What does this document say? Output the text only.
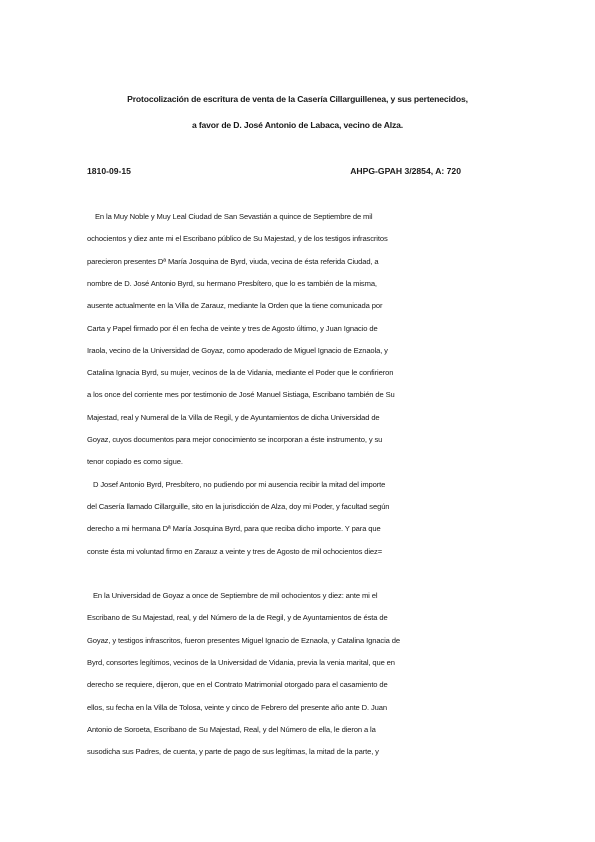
Protocolización de escritura de venta de la Casería Cillarguillenea, y sus pertenecidos,
a favor de D. José Antonio de Labaca, vecino de Alza.
1810-09-15	AHPG-GPAH 3/2854, A: 720
En la Muy Noble y Muy Leal Ciudad de San Sevastián a quince de Septiembre de mil
ochocientos y diez ante mi el Escribano público de Su Majestad, y de los testigos infrascritos
parecieron presentes Dª María Josquina de Byrd, viuda, vecina de ésta referida Ciudad, a
nombre de D. José Antonio Byrd, su hermano Presbítero, que lo es también de la misma,
ausente actualmente en la Villa de Zarauz, mediante la Orden que la tiene comunicada por
Carta y Papel firmado por él en fecha de veinte y tres de Agosto último, y Juan Ignacio de
Iraola, vecino de la Universidad de Goyaz, como apoderado de Miguel Ignacio de Eznaola, y
Catalina Ignacia Byrd, su mujer, vecinos de la de Vidania, mediante el Poder que le confirieron
a los once del corriente mes por testimonio de José Manuel Sistiaga, Escribano también de Su
Majestad, real y Numeral de la Villa de Regil, y de Ayuntamientos de dicha Universidad de
Goyaz, cuyos documentos para mejor conocimiento se incorporan a éste instrumento, y su
tenor copiado es como sigue.
D Josef Antonio Byrd, Presbítero, no pudiendo por mi ausencia recibir la mitad del importe
del Casería llamado Cillarguille, sito en la jurisdicción de Alza, doy mi Poder, y facultad según
derecho a mi hermana Dª María Josquina Byrd, para que reciba dicho importe. Y para que
conste ésta mi voluntad firmo en Zarauz a veinte y tres de Agosto de mil ochocientos diez=
En la Universidad de Goyaz a once de Septiembre de mil ochocientos y diez: ante mi el
Escribano de Su Majestad, real, y del Número de la de Regil, y de Ayuntamientos de ésta de
Goyaz, y testigos infrascritos, fueron presentes Miguel Ignacio de Eznaola, y Catalina Ignacia de
Byrd, consortes legítimos, vecinos de la Universidad de Vidania, previa la venia marital, que en
derecho se requiere, dijeron, que en el Contrato Matrimonial otorgado para el casamiento de
ellos, su fecha en la Villa de Tolosa, veinte y cinco de Febrero del presente año ante D. Juan
Antonio de Soroeta, Escribano de Su Majestad, Real, y del Número de ella, le dieron a la
susodicha sus Padres, de cuenta, y parte de pago de sus legítimas, la mitad de la parte, y
